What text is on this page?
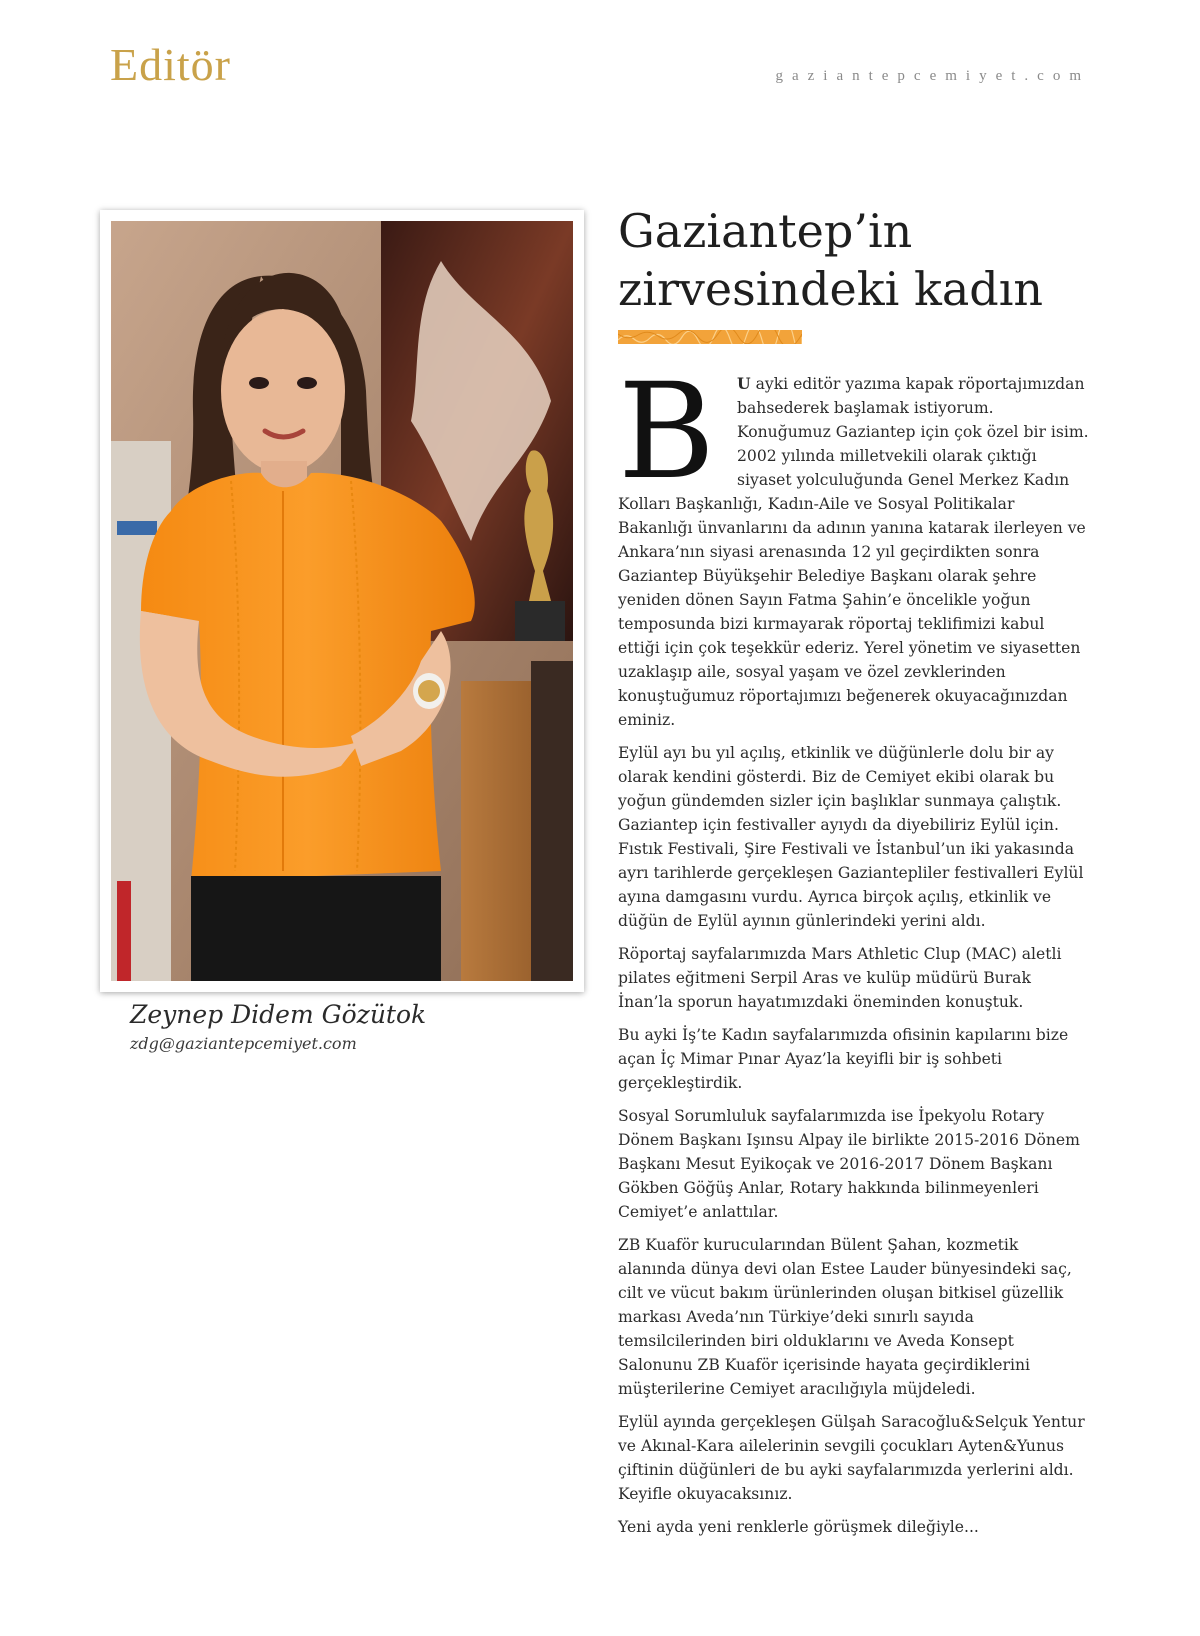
Editör	gaziantepcemiyet.com
Zeynep Didem Gözütok
zdg@gaziantepcemiyet.com
Gaziantep’in
zirvesindeki kadın

B U ayki editör yazıma kapak röportajımızdan bahsederek başlamak istiyorum. Konuğumuz Gaziantep için çok özel bir isim. 2002 yılında milletvekili olarak çıktığı siyaset yolculuğunda Genel Merkez Kadın Kolları Başkanlığı, Kadın-Aile ve Sosyal Politikalar Bakanlığı ünvanlarını da adının yanına katarak ilerleyen ve Ankara’nın siyasi arenasında 12 yıl geçirdikten sonra Gaziantep Büyükşehir Belediye Başkanı olarak şehre yeniden dönen Sayın Fatma Şahin’e öncelikle yoğun temposunda bizi kırmayarak röportaj teklifimizi kabul ettiği için çok teşekkür ederiz. Yerel yönetim ve siyasetten uzaklaşıp aile, sosyal yaşam ve özel zevklerinden konuştuğumuz röportajımızı beğenerek okuyacağınızdan eminiz.

Eylül ayı bu yıl açılış, etkinlik ve düğünlerle dolu bir ay olarak kendini gösterdi. Biz de Cemiyet ekibi olarak bu yoğun gündemden sizler için başlıklar sunmaya çalıştık. Gaziantep için festivaller ayıydı da diyebiliriz Eylül için. Fıstık Festivali, Şire Festivali ve İstanbul’un iki yakasında ayrı tarihlerde gerçekleşen Gaziantepliler festivalleri Eylül ayına damgasını vurdu. Ayrıca birçok açılış, etkinlik ve düğün de Eylül ayının günlerindeki yerini aldı.

Röportaj sayfalarımızda Mars Athletic Clup (MAC) aletli pilates eğitmeni Serpil Aras ve kulüp müdürü Burak İnan’la sporun hayatımızdaki öneminden konuştuk.

Bu ayki İş’te Kadın sayfalarımızda ofisinin kapılarını bize açan İç Mimar Pınar Ayaz’la keyifli bir iş sohbeti gerçekleştirdik.

Sosyal Sorumluluk sayfalarımızda ise İpekyolu Rotary Dönem Başkanı Işınsu Alpay ile birlikte 2015-2016 Dönem Başkanı Mesut Eyikoçak ve 2016-2017 Dönem Başkanı Gökben Göğüş Anlar, Rotary hakkında bilinmeyenleri Cemiyet’e anlattılar.

ZB Kuaför kurucularından Bülent Şahan, kozmetik alanında dünya devi olan Estee Lauder bünyesindeki saç, cilt ve vücut bakım ürünlerinden oluşan bitkisel güzellik markası Aveda’nın Türkiye’deki sınırlı sayıda temsilcilerinden biri olduklarını ve Aveda Konsept Salonunu ZB Kuaför içerisinde hayata geçirdiklerini müşterilerine Cemiyet aracılığıyla müjdeledi.

Eylül ayında gerçekleşen Gülşah Saracoğlu&Selçuk Yentur ve Akınal-Kara ailelerinin sevgili çocukları Ayten&Yunus çiftinin düğünleri de bu ayki sayfalarımızda yerlerini aldı. Keyifle okuyacaksınız.

Yeni ayda yeni renklerle görüşmek dileğiyle...
